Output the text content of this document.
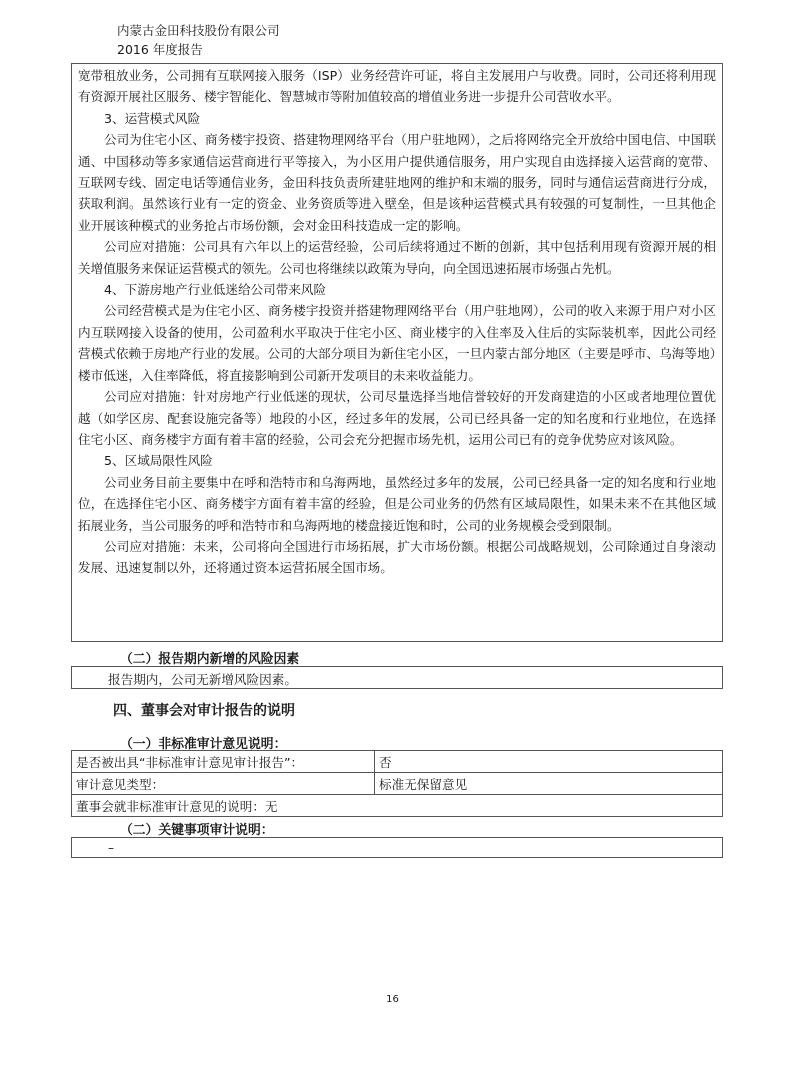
内蒙古金田科技股份有限公司
2016 年度报告

宽带租放业务，公司拥有互联网接入服务（ISP）业务经营许可证，将自主发展用户与收费。同时，公司还将利用现有资源开展社区服务、楼宇智能化、智慧城市等附加值较高的增值业务进一步提升公司营收水平。

3、运营模式风险

公司为住宅小区、商务楼宇投资、搭建物理网络平台（用户驻地网），之后将网络完全开放给中国电信、中国联通、中国移动等多家通信运营商进行平等接入，为小区用户提供通信服务，用户实现自由选择接入运营商的宽带、互联网专线、固定电话等通信业务，金田科技负责所建驻地网的维护和末端的服务，同时与通信运营商进行分成，获取利润。虽然该行业有一定的资金、业务资质等进入壁垒，但是该种运营模式具有较强的可复制性，一旦其他企业开展该种模式的业务抢占市场份额，会对金田科技造成一定的影响。

公司应对措施：公司具有六年以上的运营经验，公司后续将通过不断的创新，其中包括利用现有资源开展的相关增值服务来保证运营模式的领先。公司也将继续以政策为导向，向全国迅速拓展市场强占先机。

4、下游房地产行业低迷给公司带来风险

公司经营模式是为住宅小区、商务楼宇投资并搭建物理网络平台（用户驻地网），公司的收入来源于用户对小区内互联网接入设备的使用，公司盈利水平取决于住宅小区、商业楼宇的入住率及入住后的实际装机率，因此公司经营模式依赖于房地产行业的发展。公司的大部分项目为新住宅小区，一旦内蒙古部分地区（主要是呼市、乌海等地）楼市低迷，入住率降低，将直接影响到公司新开发项目的未来收益能力。

公司应对措施：针对房地产行业低迷的现状，公司尽量选择当地信誉较好的开发商建造的小区或者地理位置优越（如学区房、配套设施完备等）地段的小区，经过多年的发展，公司已经具备一定的知名度和行业地位，在选择住宅小区、商务楼宇方面有着丰富的经验，公司会充分把握市场先机，运用公司已有的竞争优势应对该风险。

5、区域局限性风险

公司业务目前主要集中在呼和浩特市和乌海两地，虽然经过多年的发展，公司已经具备一定的知名度和行业地位，在选择住宅小区、商务楼宇方面有着丰富的经验，但是公司业务的仍然有区域局限性，如果未来不在其他区域拓展业务，当公司服务的呼和浩特市和乌海两地的楼盘接近饱和时，公司的业务规模会受到限制。

公司应对措施：未来，公司将向全国进行市场拓展，扩大市场份额。根据公司战略规划，公司除通过自身滚动发展、迅速复制以外，还将通过资本运营拓展全国市场。

（二）报告期内新增的风险因素
报告期内，公司无新增风险因素。
四、董事会对审计报告的说明
（一）非标准审计意见说明：
是否被出具“非标准审计意见审计报告”：	否
审计意见类型：	标准无保留意见
董事会就非标准审计意见的说明：无	
（二）关键事项审计说明：
–
16
